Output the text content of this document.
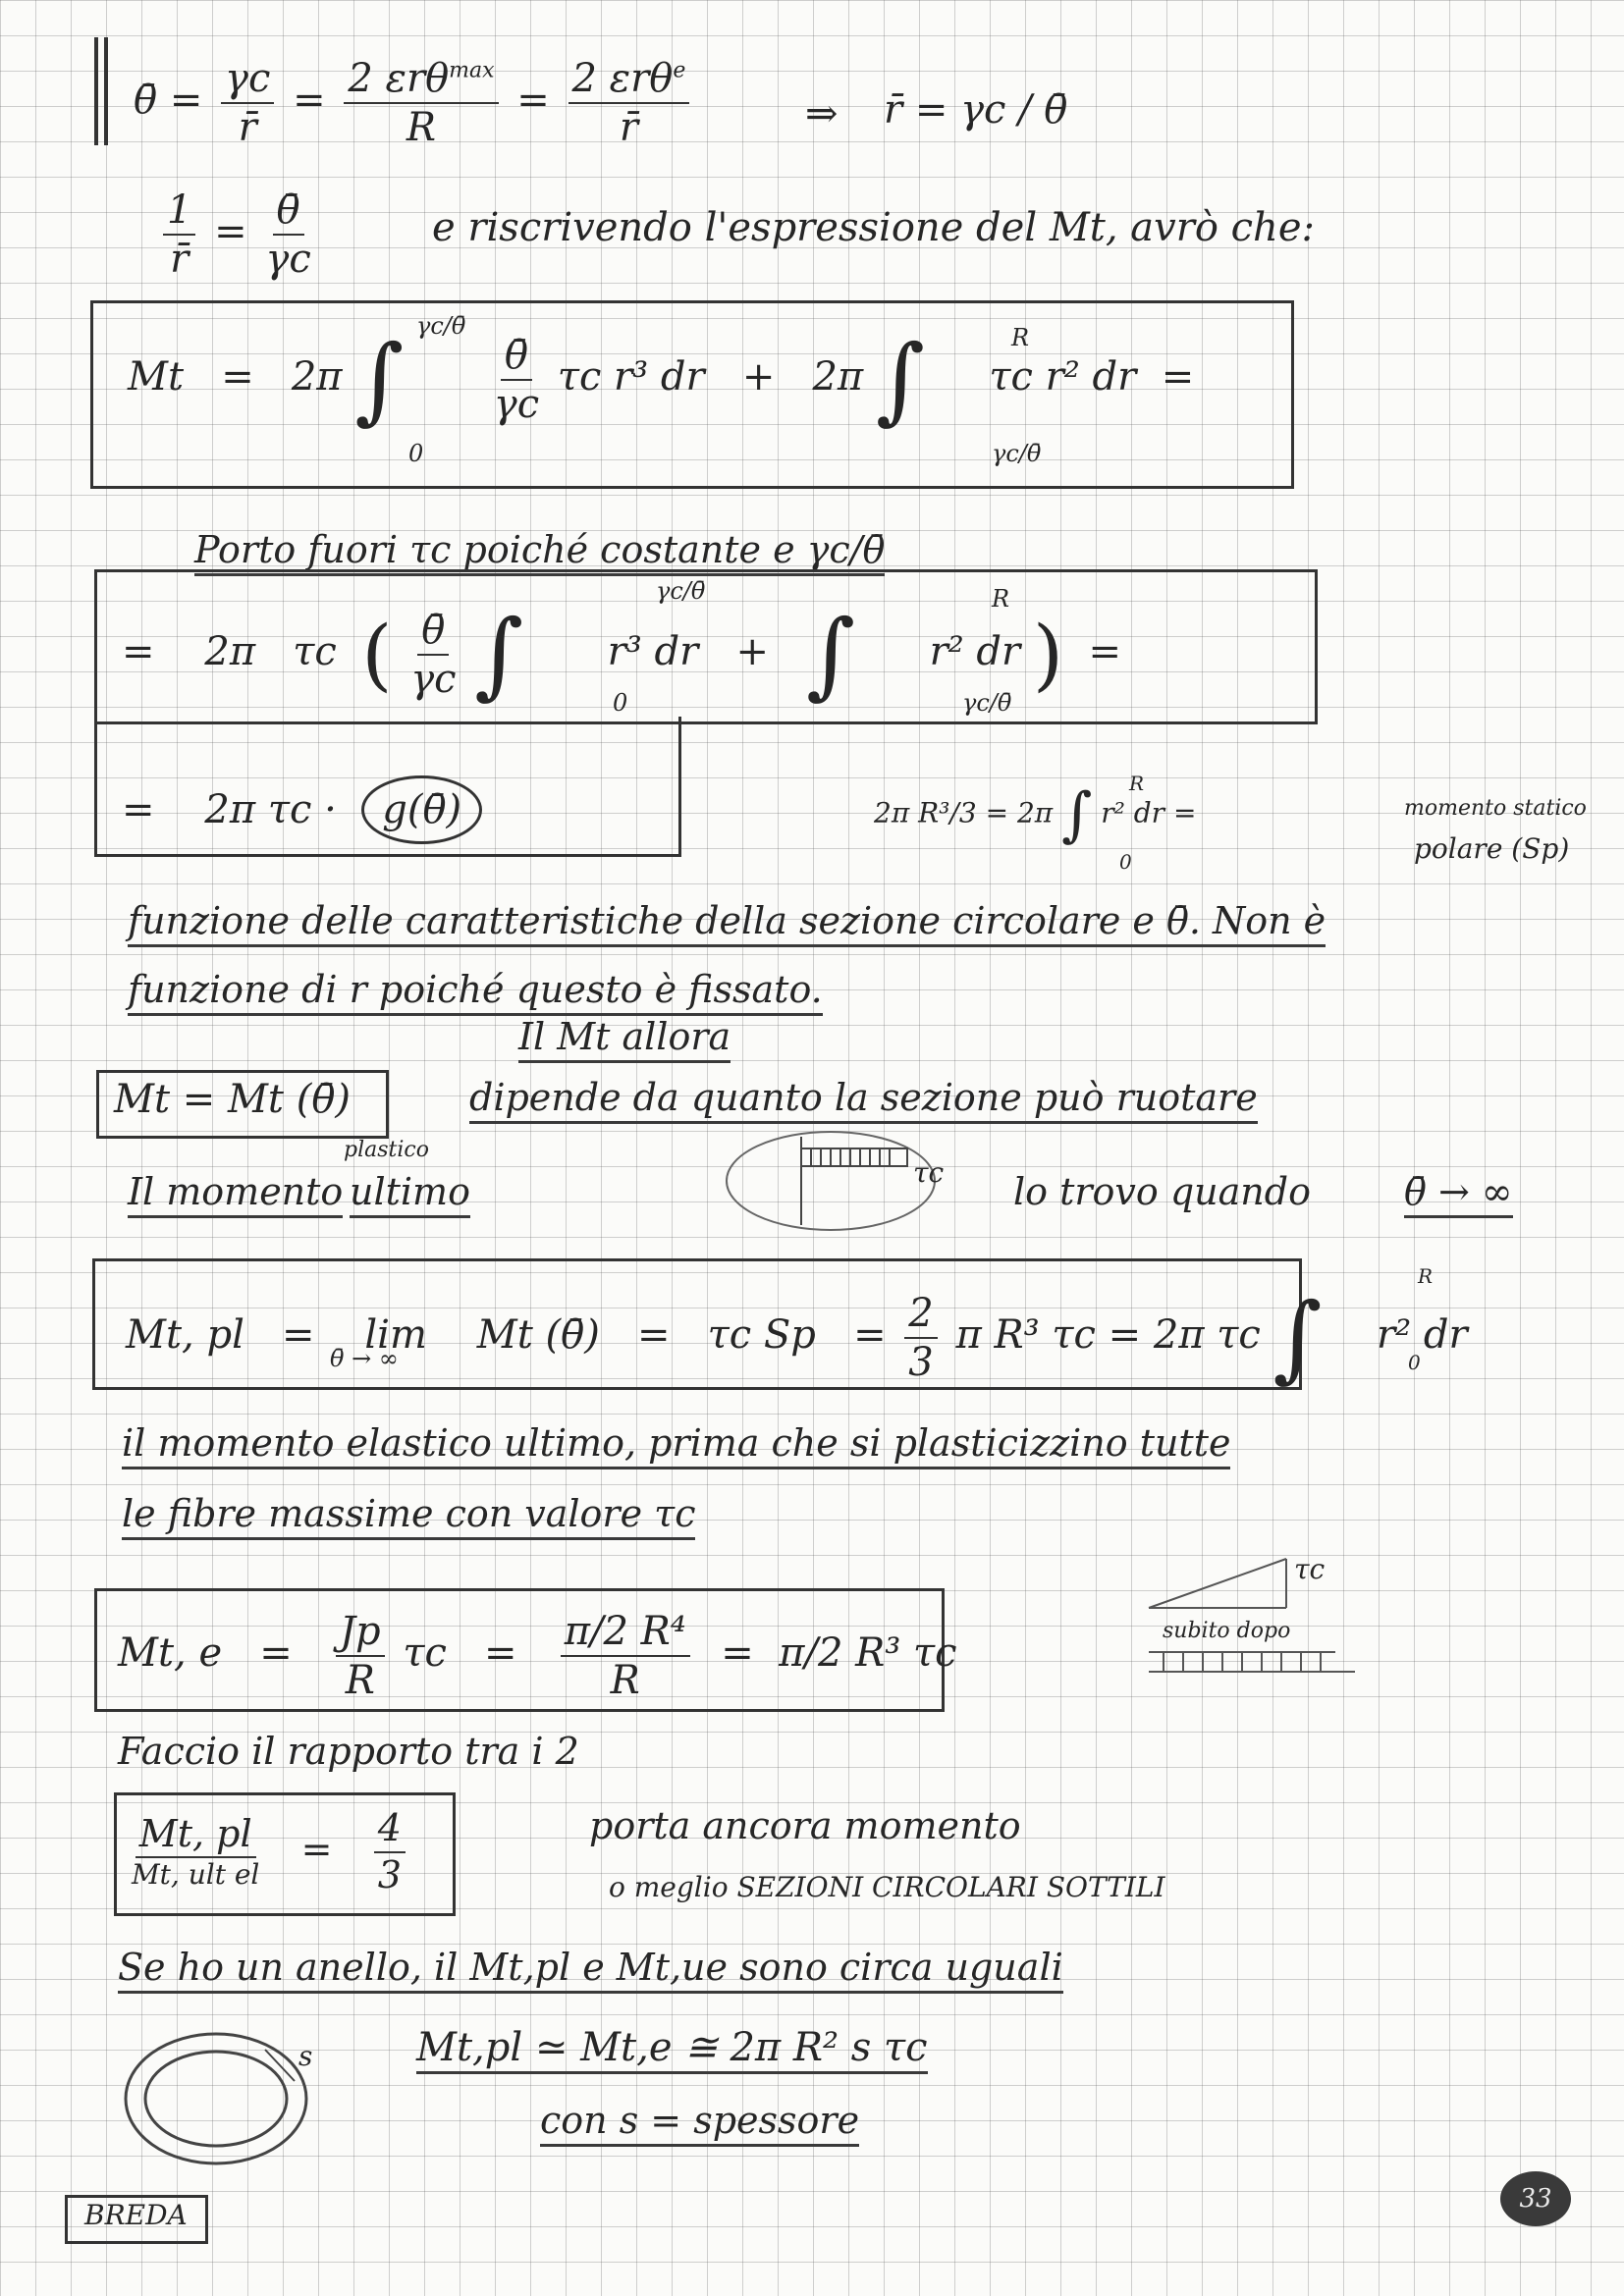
θ̄ = $\frac{\gamma c}{r̄} = \frac{2 \varepsilon r\theta^{max}}{R} = \frac{2 \varepsilon r\theta^e}{r̄}$	⇒ r̄ = γc / θ̄
$\frac{1}{r̄} = \frac{\thetā}{\gamma c}$	e riscrivendo l'espressione del Mt, avrò che:
Mt = 2π ∫ $\frac{\thetā}{\gamma c}$ τc r³ dr + 2π ∫ τc r² dr =
γc/θ̄
0
R
γc/θ̄
Porto fuori τc poiché costante e γc/θ̄
= 2π τc ( $\frac{\thetā}{\gamma c}$ ∫ r³ dr + ∫ r² dr ) =
γc/θ̄
0
R
γc/θ̄
= 2π τc · g(θ̄)	2π R³/3 = 2π ∫ r² dr =
R
0
momento statico
polare (Sp)
funzione delle caratteristiche della sezione circolare e θ̄. Non è
funzione di r poiché questo è fissato.
Il Mt allora
Mt = Mt (θ̄)	dipende da quanto la sezione può ruotare
Il momento
plastico
ultimo	τc lo trovo quando	θ̄ → ∞
Mt, pl = lim Mt (θ̄) = τc $Sp = \frac{2}{3}$ π R³ τc = 2π τc ∫ r² dr
θ̄ → ∞
R
0
il momento elastico ultimo, prima che si plasticizzino tutte
le fibre massime con valore τc
τc
subito dopo
Mt, $e = \frac{Jp}{R}$ $\tau c = \frac{\text{π/2 R⁴}}{R} = \pi/2$ R³ τc
Faccio il rapporto tra i 2
$\frac{Mt, pl}{\text{Mt, ult el}} = \frac{4}{3}$	porta ancora momento
o meglio SEZIONI CIRCOLARI SOTTILI
Se ho un anello, il Mt,pl e Mt,ue sono circa uguali
s	Mt,pl ≃ Mt,e ≅ 2π R² s τc
con s = spessore
BREDA	33
